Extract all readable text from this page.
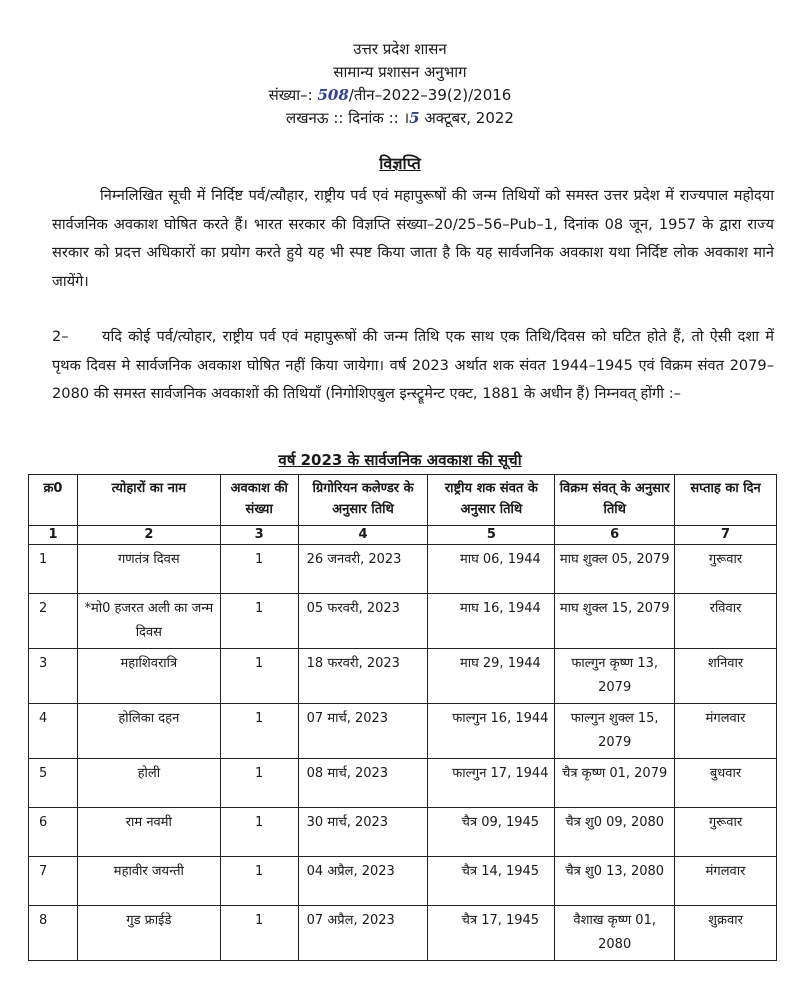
उत्तर प्रदेश शासन
सामान्य प्रशासन अनुभाग
संख्या–: 508/तीन–2022–39(2)/2016
लखनऊ :: दिनांक :: ।5 अक्टूबर, 2022
विज्ञप्ति

निम्नलिखित सूची में निर्दिष्ट पर्व/त्यौहार, राष्ट्रीय पर्व एवं महापुरूषों की जन्म तिथियों को समस्त उत्तर प्रदेश में राज्यपाल महोदया सार्वजनिक अवकाश घोषित करते हैं। भारत सरकार की विज्ञप्ति संख्या–20/25–56–Pub–1, दिनांक 08 जून, 1957 के द्वारा राज्य सरकार को प्रदत्त अधिकारों का प्रयोग करते हुये यह भी स्पष्ट किया जाता है कि यह सार्वजनिक अवकाश यथा निर्दिष्ट लोक अवकाश माने जायेंगे।

2– यदि कोई पर्व/त्योहार, राष्ट्रीय पर्व एवं महापुरूषों की जन्म तिथि एक साथ एक तिथि/दिवस को घटित होते हैं, तो ऐसी दशा में पृथक दिवस मे सार्वजनिक अवकाश घोषित नहीं किया जायेगा। वर्ष 2023 अर्थात शक संवत 1944–1945 एवं विक्रम संवत 2079–2080 की समस्त सार्वजनिक अवकाशों की तिथियाँ (निगोशिएबुल इन्स्ट्रूमेन्ट एक्ट, 1881 के अधीन हैं) निम्नवत् होंगी :–

वर्ष 2023 के सार्वजनिक अवकाश की सूची
क्र0	त्योहारों का नाम	अवकाश की संख्या	ग्रिगोरियन कलेण्डर के अनुसार तिथि	राष्ट्रीय शक संवत के अनुसार तिथि	विक्रम संवत् के अनुसार तिथि	सप्ताह का दिन
1	2	3	4	5	6	7
1	गणतंत्र दिवस	1	26 जनवरी, 2023	माघ 06, 1944	माघ शुक्ल 05, 2079	गुरूवार
2	*मो0 हजरत अली का जन्म दिवस	1	05 फरवरी, 2023	माघ 16, 1944	माघ शुक्ल 15, 2079	रविवार
3	महाशिवरात्रि	1	18 फरवरी, 2023	माघ 29, 1944	फाल्गुन कृष्ण 13, 2079	शनिवार
4	होलिका दहन	1	07 मार्च, 2023	फाल्गुन 16, 1944	फाल्गुन शुक्ल 15, 2079	मंगलवार
5	होली	1	08 मार्च, 2023	फाल्गुन 17, 1944	चैत्र कृष्ण 01, 2079	बुधवार
6	राम नवमी	1	30 मार्च, 2023	चैत्र 09, 1945	चैत्र शु0 09, 2080	गुरूवार
7	महावीर जयन्ती	1	04 अप्रैल, 2023	चैत्र 14, 1945	चैत्र शु0 13, 2080	मंगलवार
8	गुड फ्राईडे	1	07 अप्रैल, 2023	चैत्र 17, 1945	वैशाख कृष्ण 01, 2080	शुक्रवार
